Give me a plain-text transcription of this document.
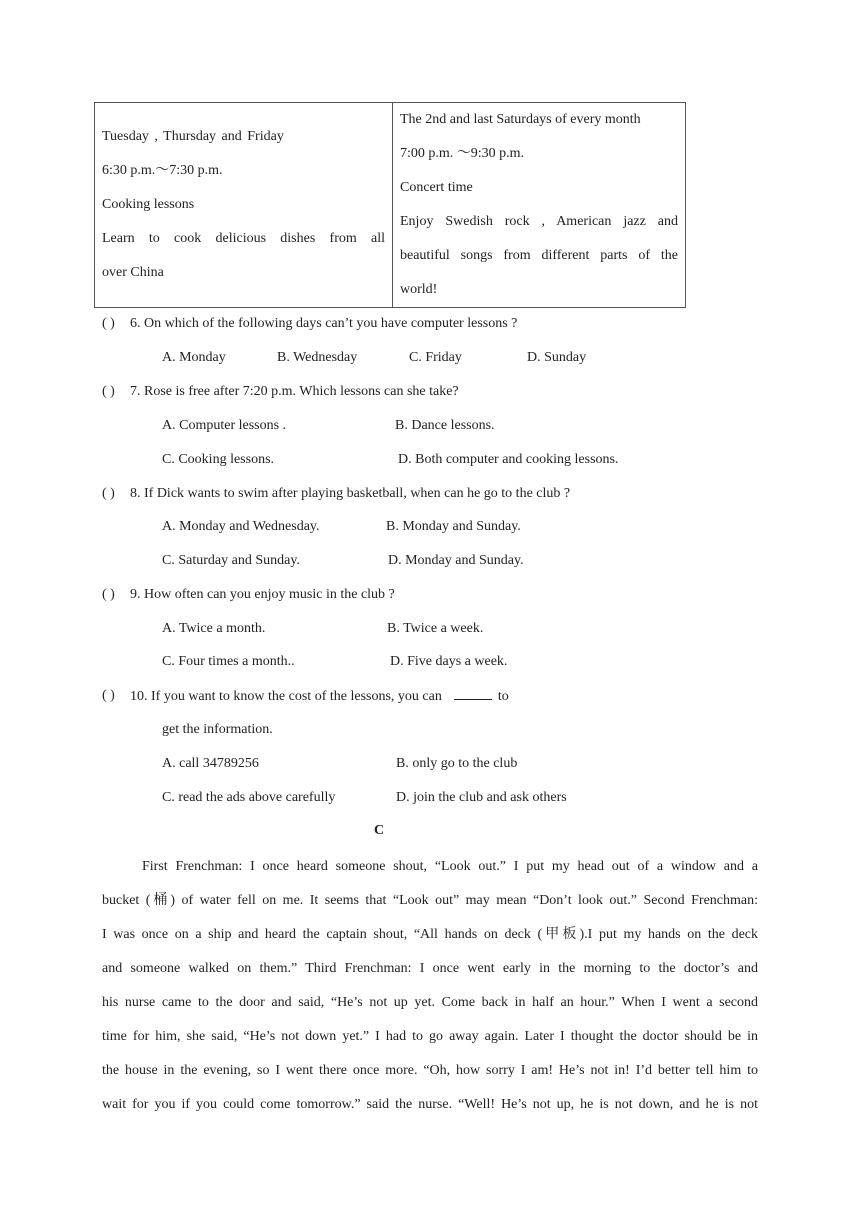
Tuesday , Thursday and Friday
6:30 p.m.～7:30 p.m.
Cooking lessons
Learn to cook delicious dishes from all
over China

The 2nd and last Saturdays of every month
7:00 p.m. ～9:30 p.m.
Concert time
Enjoy Swedish rock , American jazz and
beautiful songs from different parts of the
world!
( ) 6. On which of the following days can’t you have computer lessons ?
A. Monday	B. Wednesday	C. Friday	D. Sunday
( ) 7. Rose is free after 7:20 p.m. Which lessons can she take?
A. Computer lessons .	B. Dance lessons.
C. Cooking lessons.	D. Both computer and cooking lessons.
( ) 8. If Dick wants to swim after playing basketball, when can he go to the club ?
A. Monday and Wednesday.	B. Monday and Sunday.
C. Saturday and Sunday.	D. Monday and Sunday.
( ) 9. How often can you enjoy music in the club ?
A. Twice a month.	B. Twice a week.
C. Four times a month..	D. Five days a week.
( ) 10. If you want to know the cost of the lessons, you can	to
get the information.
A. call 34789256	B. only go to the club
C. read the ads above carefully	D. join the club and ask others
C
First Frenchman: I once heard someone shout, “Look out.” I put my head out of a window and a
bucket (桶) of water fell on me. It seems that “Look out” may mean “Don’t look out.” Second Frenchman:
I was once on a ship and heard the captain shout, “All hands on deck (甲板).I put my hands on the deck
and someone walked on them.” Third Frenchman: I once went early in the morning to the doctor’s and
his nurse came to the door and said, “He’s not up yet. Come back in half an hour.” When I went a second
time for him, she said, “He’s not down yet.” I had to go away again. Later I thought the doctor should be in
the house in the evening, so I went there once more. “Oh, how sorry I am! He’s not in! I’d better tell him to
wait for you if you could come tomorrow.” said the nurse. “Well! He’s not up, he is not down, and he is not
